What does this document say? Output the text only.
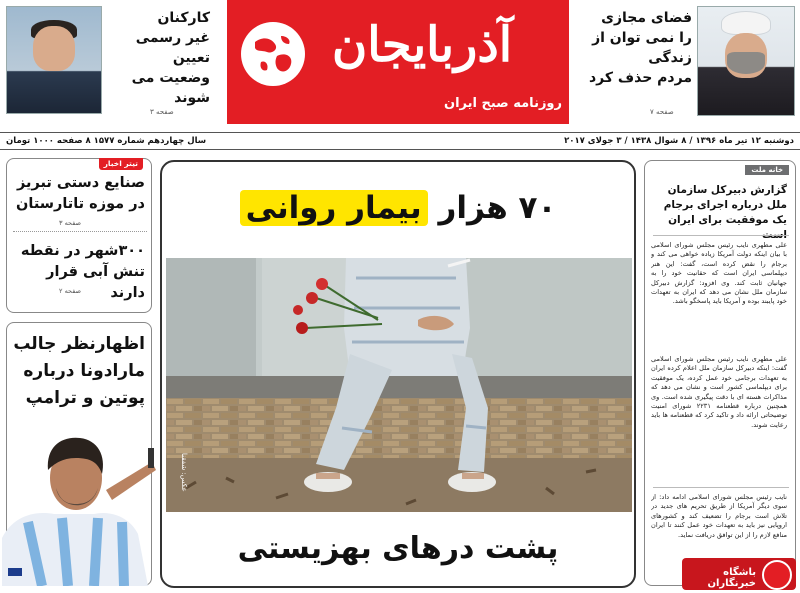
کارکنان
غیر رسمی تعیین
وضعیت می شوند
صفحه ۳
آذربایجان
روزنامه صبح ایران
فضای مجازی
را نمی توان از زندگی
مردم حذف کرد
صفحه ۷
دوشنبه ۱۲ تیر ماه ۱۳۹۶ / ۸ شوال ۱۴۳۸ / ۳ جولای ۲۰۱۷
سال چهاردهم شماره ۱۵۷۷ ۸ صفحه ۱۰۰۰ تومان
تیتر اخبار
صنایع دستی تبریز
در موزه تاتارستان
صفحه ۳
۳۰۰شهر در نقطه
تنش آبی قرار دارند
صفحه ۲
اظهارنظر جالب
مارادونا درباره
پوتین و ترامپ
۷۰ هزار بیمار روانی
عکس: شفقنا
پشت درهای بهزیستی
خانه ملت
گزارش دبیرکل سازمان ملل درباره اجرای برجام یک موفقیت برای ایران است
علی مطهری نایب رئیس مجلس شورای اسلامی با بیان اینکه دولت آمریکا زیاده خواهی می کند و برجام را نقض کرده است، گفت: این هنر دیپلماسی ایران است که حقانیت خود را به جهانیان ثابت کند. وی افزود: گزارش دبیرکل سازمان ملل نشان می دهد که ایران به تعهدات خود پایبند بوده و آمریکا باید پاسخگو باشد.
علی مطهری نایب رئیس مجلس شورای اسلامی گفت: اینکه دبیرکل سازمان ملل اعلام کرده ایران به تعهدات برجامی خود عمل کرده، یک موفقیت برای دیپلماسی کشور است و نشان می دهد که مذاکرات هسته ای با دقت پیگیری شده است. وی همچنین درباره قطعنامه ۲۲۳۱ شورای امنیت توضیحاتی ارائه داد و تاکید کرد که قطعنامه ها باید رعایت شوند.
نایب رئیس مجلس شورای اسلامی ادامه داد: از سوی دیگر آمریکا از طریق تحریم های جدید در تلاش است برجام را تضعیف کند و کشورهای اروپایی نیز باید به تعهدات خود عمل کنند تا ایران منافع لازم را از این توافق دریافت نماید.
باشگاه خبرنگاران
